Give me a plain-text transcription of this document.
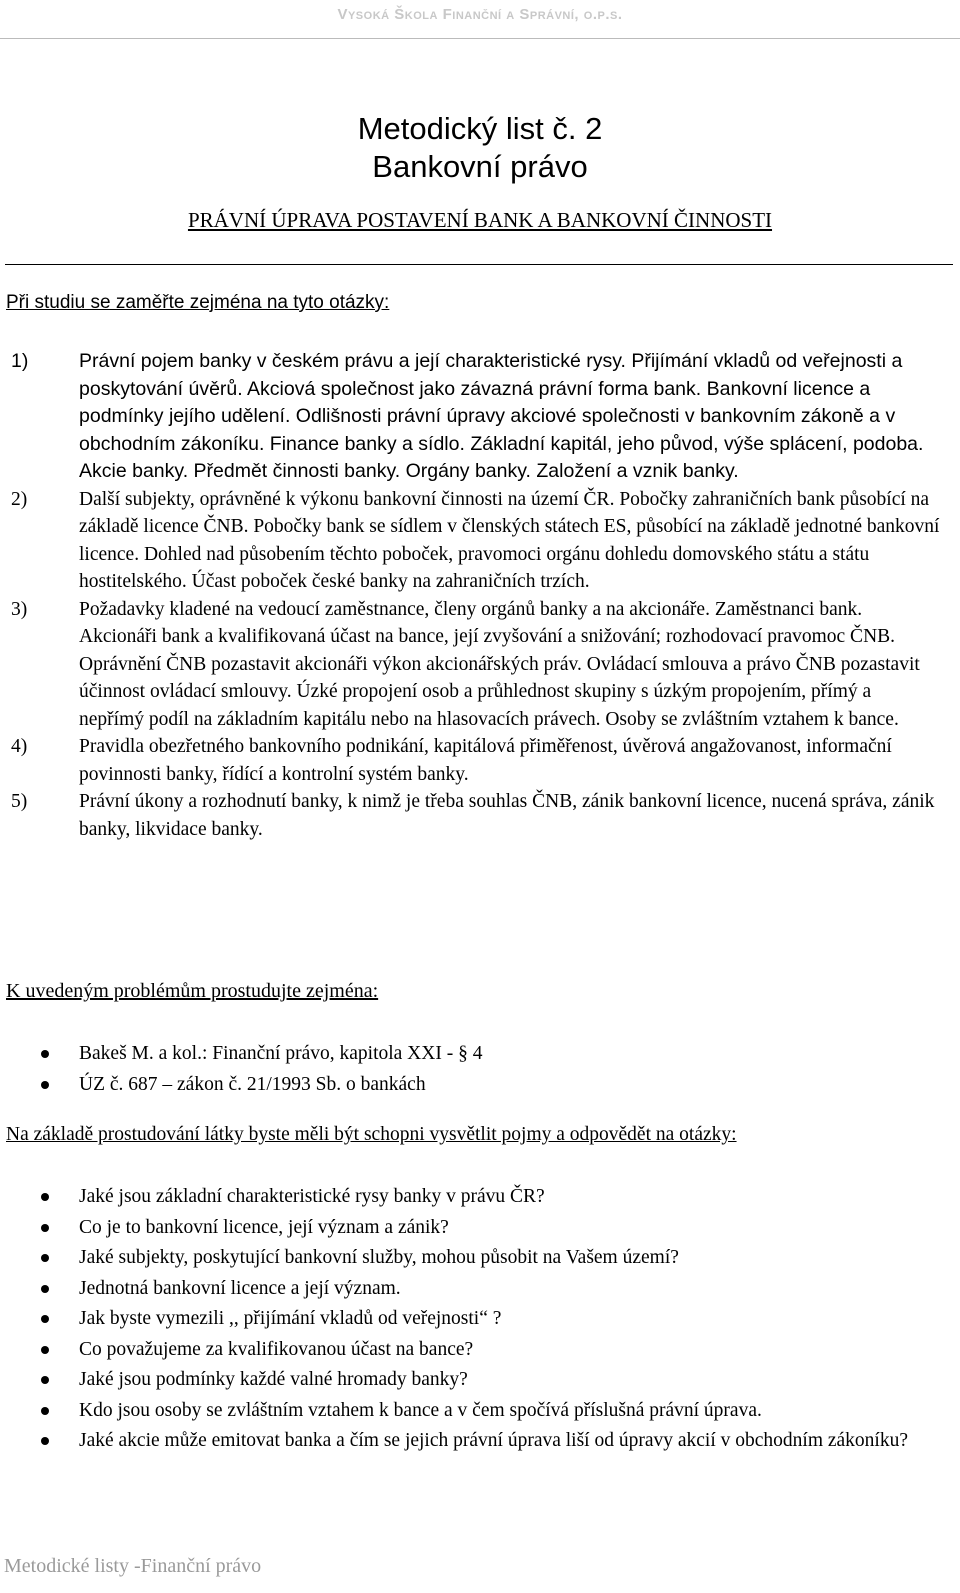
Vysoká Škola Finanční a Správní, o.p.s.
Metodický list č. 2
Bankovní právo
PRÁVNÍ ÚPRAVA POSTAVENÍ BANK A BANKOVNÍ ČINNOSTI
Při studiu se zaměřte zejména na tyto otázky:
1)	Právní pojem banky v českém právu a její charakteristické rysy. Přijímání vkladů od veřejnosti a poskytování úvěrů. Akciová společnost jako závazná právní forma bank. Bankovní licence a podmínky jejího udělení. Odlišnosti právní úpravy akciové společnosti v bankovním zákoně a v obchodním zákoníku. Finance banky a sídlo. Základní kapitál, jeho původ, výše splácení, podoba. Akcie banky. Předmět činnosti banky. Orgány banky. Založení a vznik banky.
2)	Další subjekty, oprávněné k výkonu bankovní činnosti na území ČR. Pobočky zahraničních bank působící na základě licence ČNB. Pobočky bank se sídlem v členských státech ES, působící na základě jednotné bankovní licence. Dohled nad působením těchto poboček, pravomoci orgánu dohledu domovského státu a státu hostitelského. Účast poboček české banky na zahraničních trzích.
3)	Požadavky kladené na vedoucí zaměstnance, členy orgánů banky a na akcionáře. Zaměstnanci bank. Akcionáři bank a kvalifikovaná účast na bance, její zvyšování a snižování; rozhodovací pravomoc ČNB. Oprávnění ČNB pozastavit akcionáři výkon akcionářských práv. Ovládací smlouva a právo ČNB pozastavit účinnost ovládací smlouvy. Úzké propojení osob a průhlednost skupiny s úzkým propojením, přímý a nepřímý podíl na základním kapitálu nebo na hlasovacích právech. Osoby se zvláštním vztahem k bance.
4)	Pravidla obezřetného bankovního podnikání, kapitálová přiměřenost, úvěrová angažovanost, informační povinnosti banky, řídící a kontrolní systém banky.
5)	Právní úkony a rozhodnutí banky, k nimž je třeba souhlas ČNB, zánik bankovní licence, nucená správa, zánik banky, likvidace banky.
K uvedeným problémům prostudujte zejména:
Bakeš M. a kol.: Finanční právo, kapitola XXI - § 4
ÚZ č. 687 – zákon č. 21/1993 Sb. o bankách
Na základě prostudování látky byste měli být schopni vysvětlit pojmy a odpovědět na otázky:
Jaké jsou základní charakteristické rysy banky v právu ČR?
Co je to bankovní licence, její význam a zánik?
Jaké subjekty, poskytující bankovní služby, mohou působit na Vašem území?
Jednotná bankovní licence a její význam.
Jak byste vymezili ,, přijímání vkladů od veřejnosti“ ?
Co považujeme za kvalifikovanou účast na bance?
Jaké jsou podmínky každé valné hromady banky?
Kdo jsou osoby se zvláštním vztahem k bance a v čem spočívá příslušná právní úprava.
Jaké akcie může emitovat banka a čím se jejich právní úprava liší od úpravy akcií v obchodním zákoníku?
Metodické listy -Finanční právo
